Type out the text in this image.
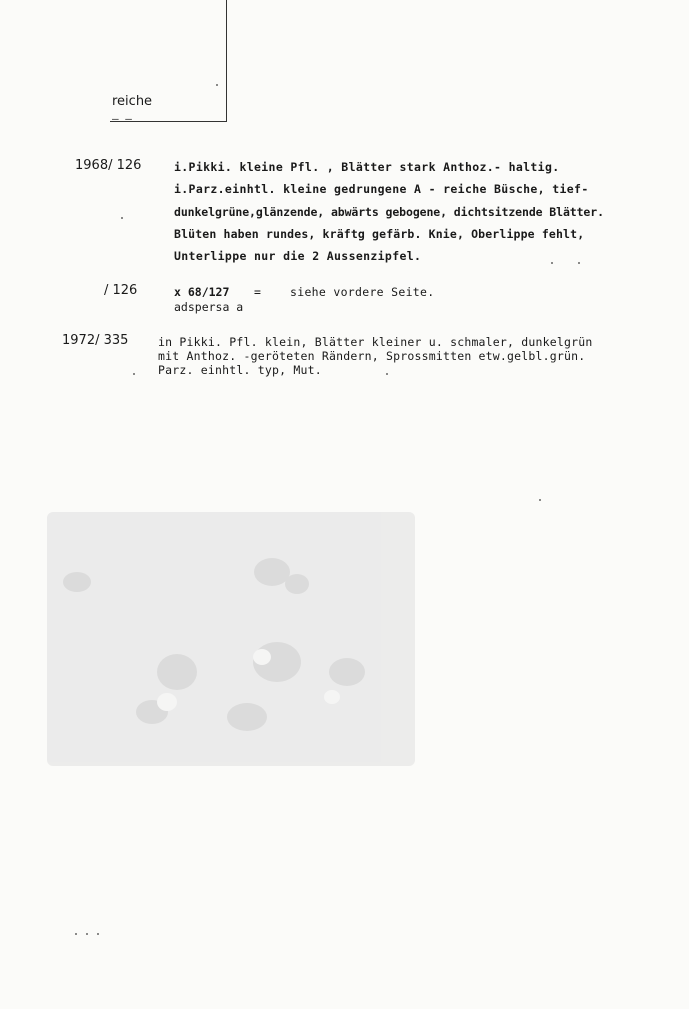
reiche
— —
1968/ 126	i.Pikki. kleine Pfl. , Blätter stark Anthoz.- haltig.
i.Parz.einhtl. kleine gedrungene A - reiche Büsche, tief-
dunkelgrüne,glänzende, abwärts gebogene, dichtsitzende Blätter.
Blüten haben rundes, kräftg gefärb. Knie, Oberlippe fehlt,
Unterlippe nur die 2 Aussenzipfel.
/ 126	x 68/127 =	siehe vordere Seite.
adspersa a
1972/ 335	in Pikki. Pfl. klein, Blätter kleiner u. schmaler, dunkelgrün
mit Anthoz. -geröteten Rändern, Sprossmitten etw.gelbl.grün.
Parz. einhtl. typ, Mut.
